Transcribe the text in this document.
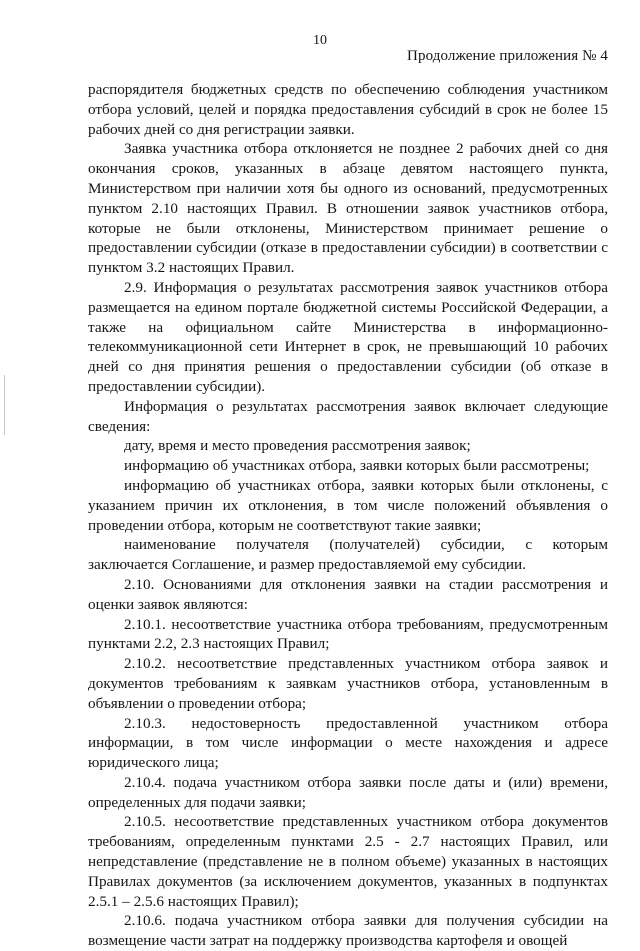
10
Продолжение приложения № 4

распорядителя бюджетных средств по обеспечению соблюдения участником отбора условий, целей и порядка предоставления субсидий в срок не более 15 рабочих дней со дня регистрации заявки.

Заявка участника отбора отклоняется не позднее 2 рабочих дней со дня окончания сроков, указанных в абзаце девятом настоящего пункта, Министерством при наличии хотя бы одного из оснований, предусмотренных пунктом 2.10 настоящих Правил. В отношении заявок участников отбора, которые не были отклонены, Министерством принимает решение о предоставлении субсидии (отказе в предоставлении субсидии) в соответствии с пунктом 3.2 настоящих Правил.

2.9. Информация о результатах рассмотрения заявок участников отбора размещается на едином портале бюджетной системы Российской Федерации, а также на официальном сайте Министерства в информационно-телекоммуникационной сети Интернет в срок, не превышающий 10 рабочих дней со дня принятия решения о предоставлении субсидии (об отказе в предоставлении субсидии).

Информация о результатах рассмотрения заявок включает следующие сведения:

дату, время и место проведения рассмотрения заявок;

информацию об участниках отбора, заявки которых были рассмотрены;

информацию об участниках отбора, заявки которых были отклонены, с указанием причин их отклонения, в том числе положений объявления о проведении отбора, которым не соответствуют такие заявки;

наименование получателя (получателей) субсидии, с которым заключается Соглашение, и размер предоставляемой ему субсидии.

2.10. Основаниями для отклонения заявки на стадии рассмотрения и оценки заявок являются:

2.10.1. несоответствие участника отбора требованиям, предусмотренным пунктами 2.2, 2.3 настоящих Правил;

2.10.2. несоответствие представленных участником отбора заявок и документов требованиям к заявкам участников отбора, установленным в объявлении о проведении отбора;

2.10.3. недостоверность предоставленной участником отбора информации, в том числе информации о месте нахождения и адресе юридического лица;

2.10.4. подача участником отбора заявки после даты и (или) времени, определенных для подачи заявки;

2.10.5. несоответствие представленных участником отбора документов требованиям, определенным пунктами 2.5 - 2.7 настоящих Правил, или непредставление (представление не в полном объеме) указанных в настоящих Правилах документов (за исключением документов, указанных в подпунктах 2.5.1 – 2.5.6 настоящих Правил);

2.10.6. подача участником отбора заявки для получения субсидии на возмещение части затрат на поддержку производства картофеля и овощей
